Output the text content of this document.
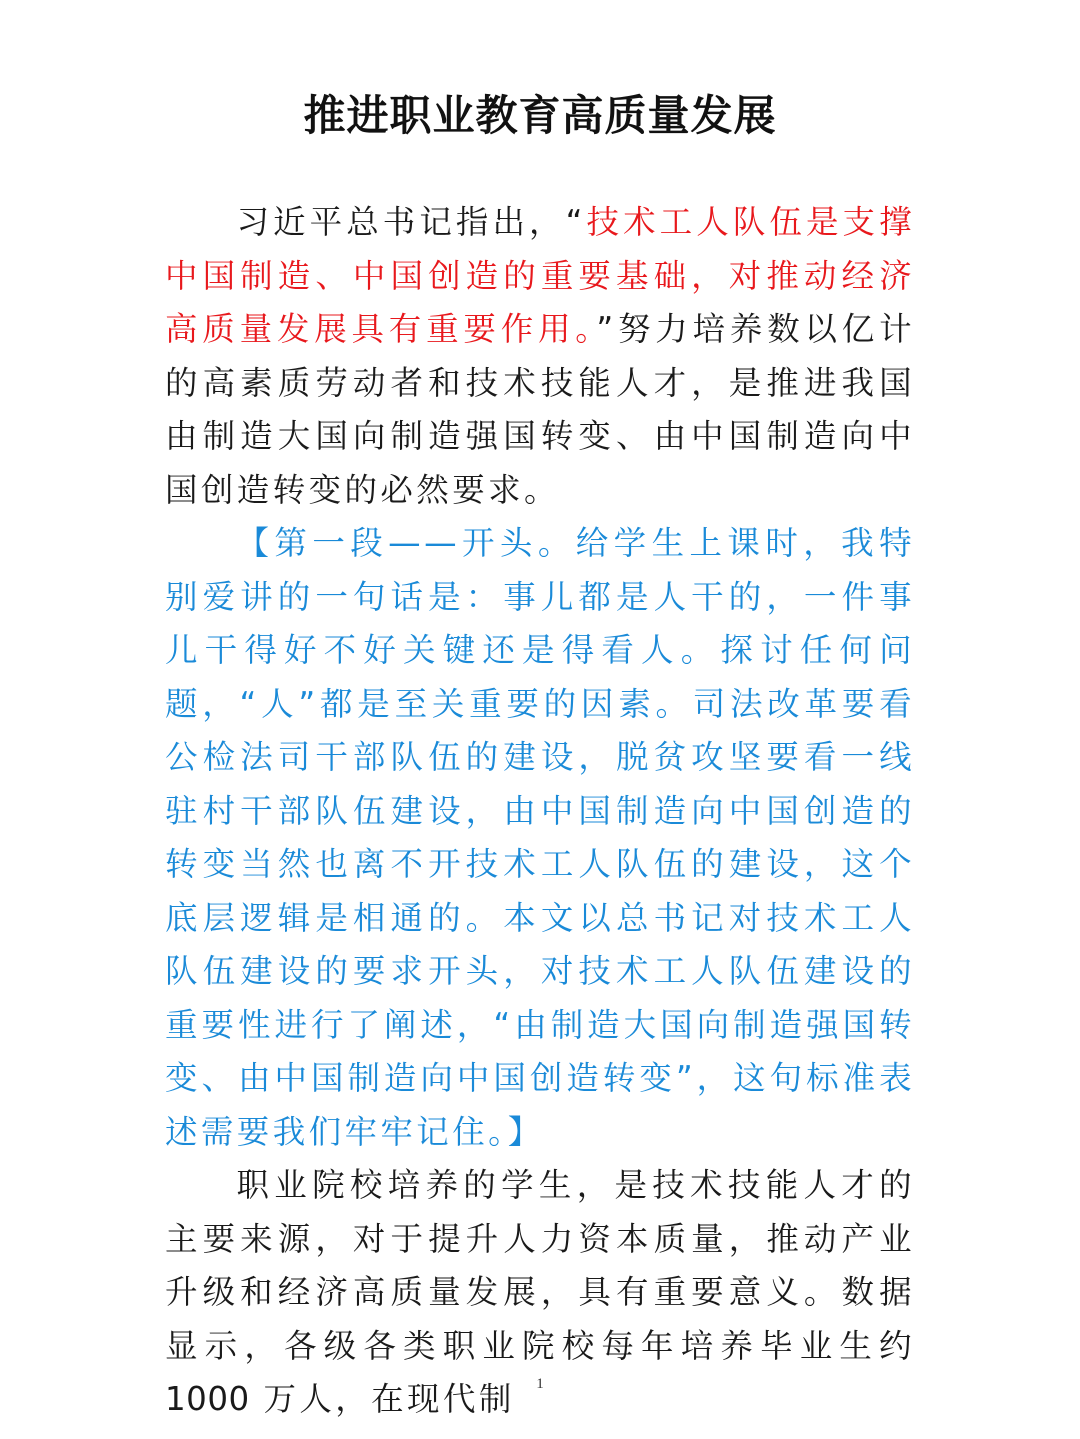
推进职业教育高质量发展

习近平总书记指出，“技术工人队伍是支撑中国制造、中国创造的重要基础，对推动经济高质量发展具有重要作用。”努力培养数以亿计的高素质劳动者和技术技能人才，是推进我国由制造大国向制造强国转变、由中国制造向中国创造转变的必然要求。

【第一段——开头。给学生上课时，我特别爱讲的一句话是：事儿都是人干的，一件事儿干得好不好关键还是得看人。探讨任何问题，“人”都是至关重要的因素。司法改革要看公检法司干部队伍的建设，脱贫攻坚要看一线驻村干部队伍建设，由中国制造向中国创造的转变当然也离不开技术工人队伍的建设，这个底层逻辑是相通的。本文以总书记对技术工人队伍建设的要求开头，对技术工人队伍建设的重要性进行了阐述，“由制造大国向制造强国转变、由中国制造向中国创造转变”，这句标准表述需要我们牢牢记住。】

职业院校培养的学生，是技术技能人才的主要来源，对于提升人力资本质量，推动产业升级和经济高质量发展，具有重要意义。数据显示，各级各类职业院校每年培养毕业生约 1000 万人，在现代制	1
